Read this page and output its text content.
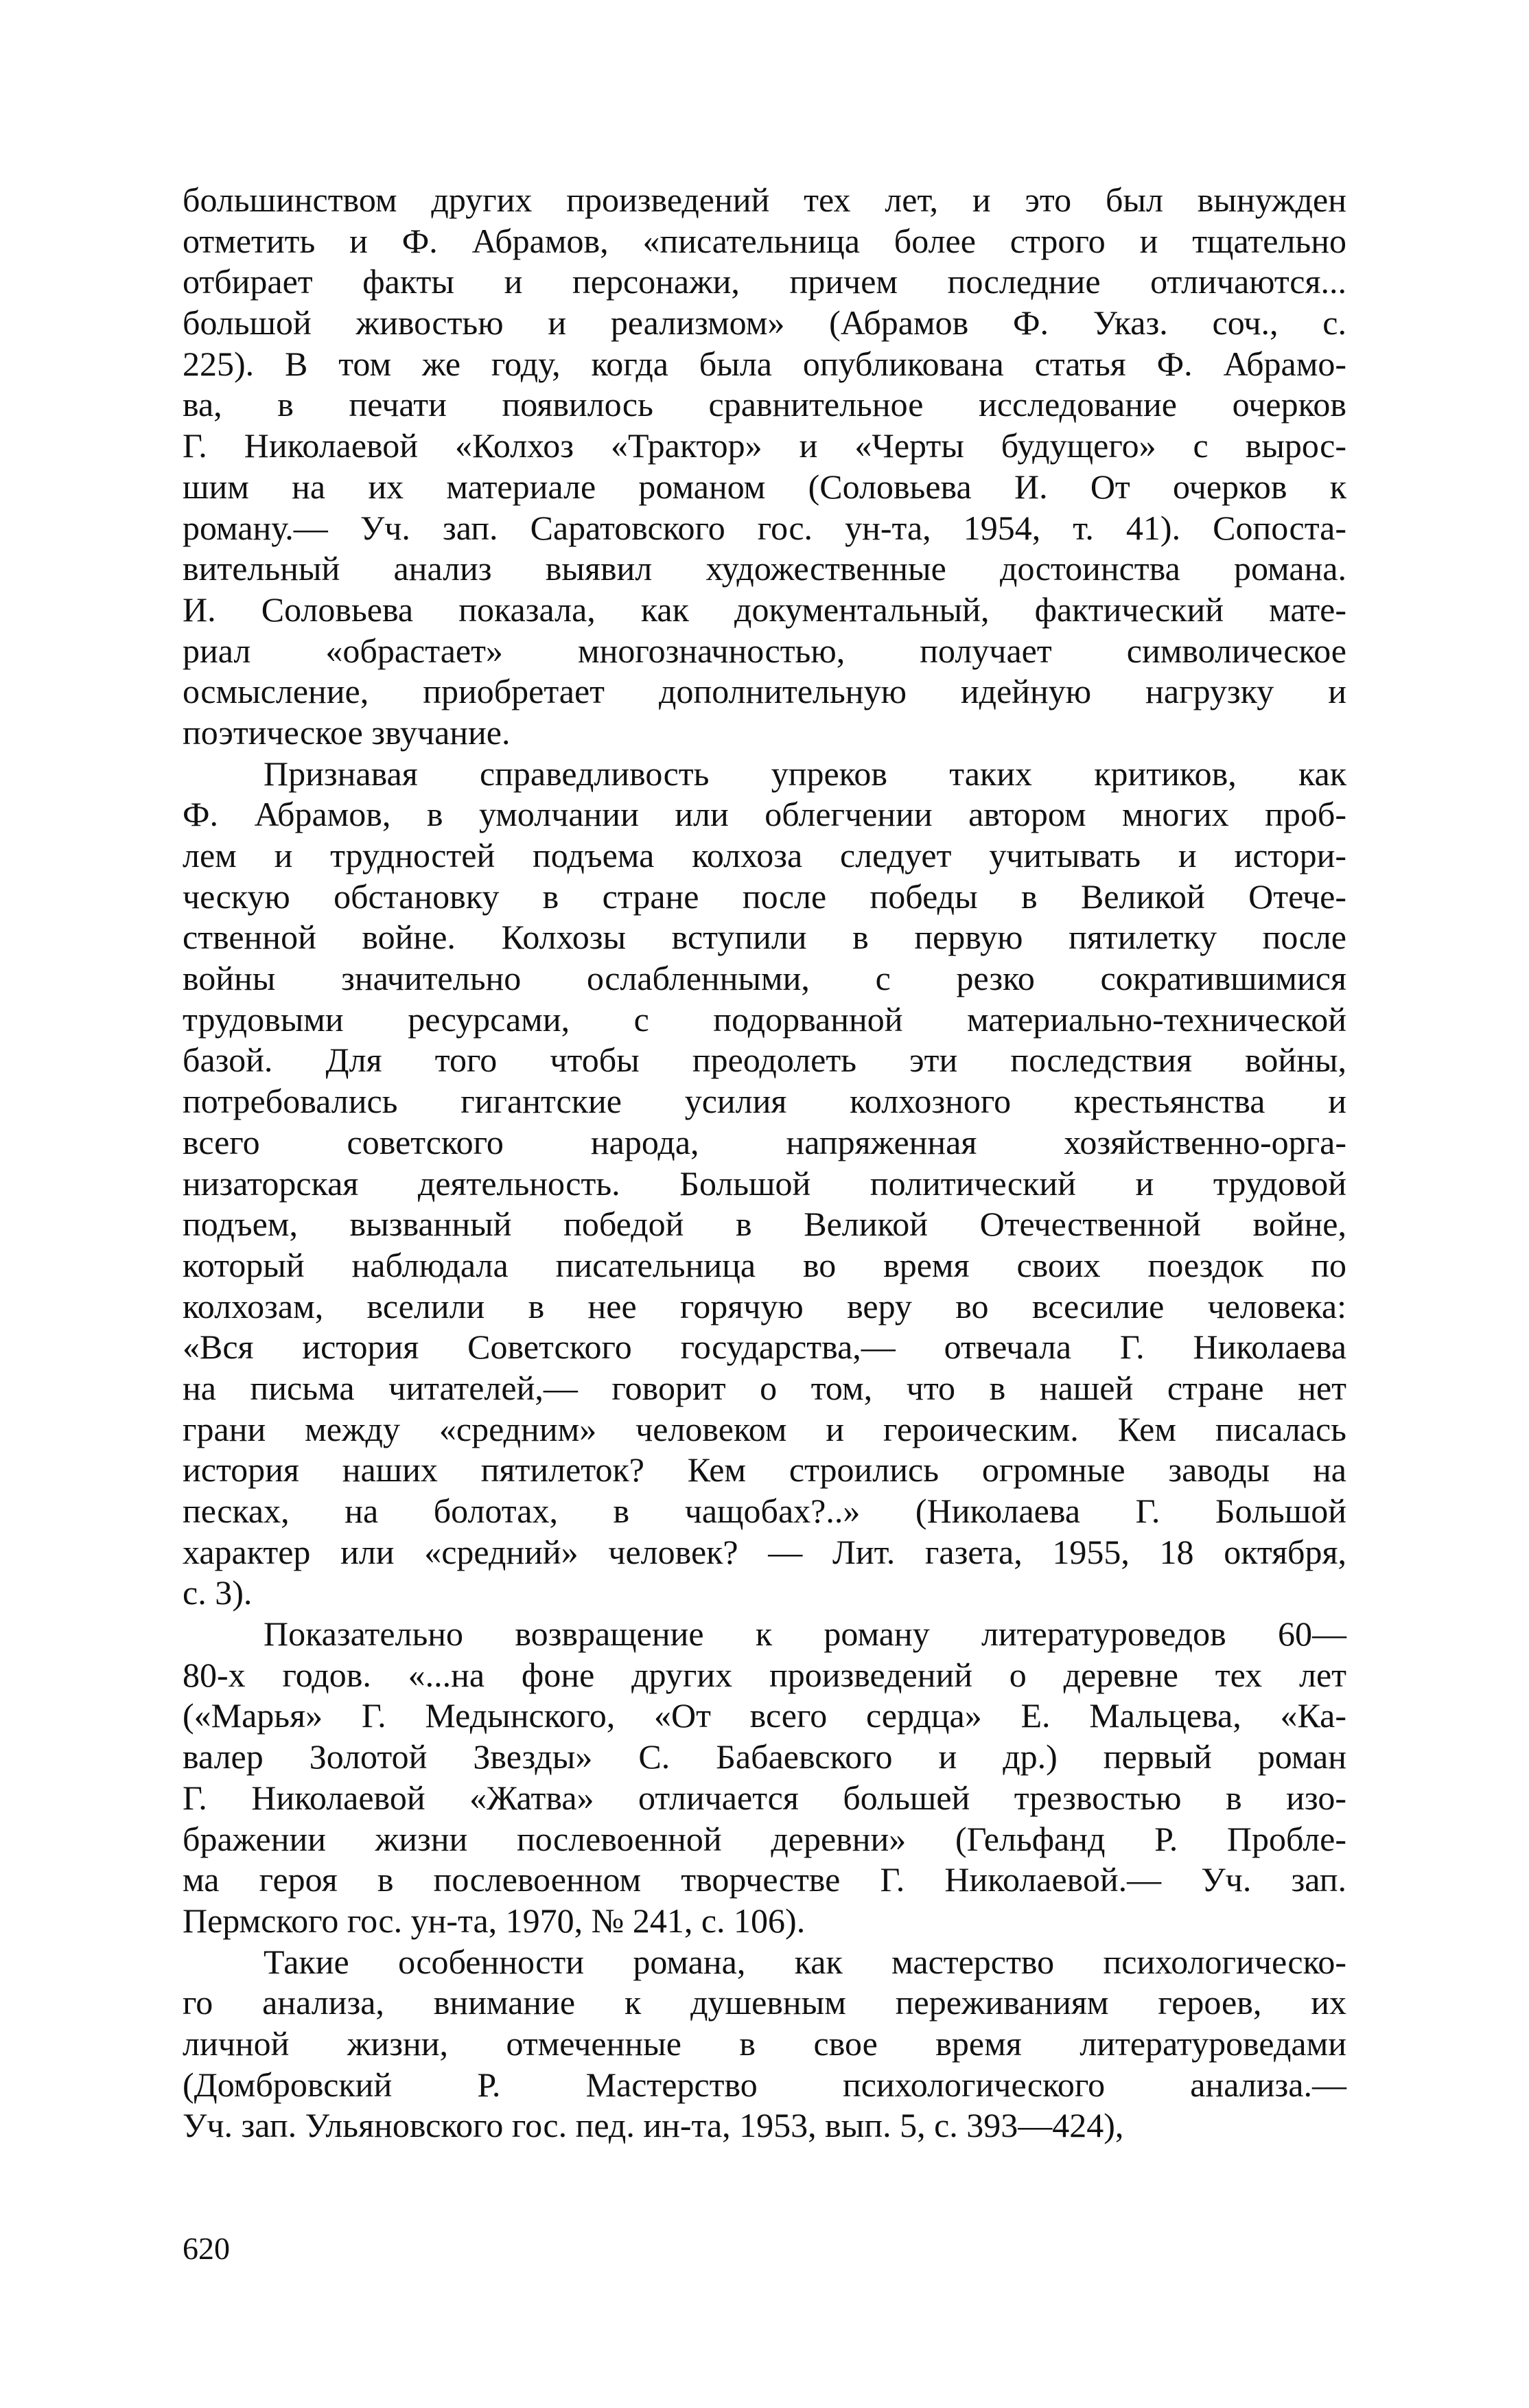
большинством других произведений тех лет, и это был вынужден
отметить и Ф. Абрамов, «писательница более строго и тщательно
отбирает факты и персонажи, причем последние отличаются...
большой живостью и реализмом» (Абрамов Ф. Указ. соч., с.
225). В том же году, когда была опубликована статья Ф. Абрамо-
ва, в печати появилось сравнительное исследование очерков
Г. Николаевой «Колхоз «Трактор» и «Черты будущего» с вырос-
шим на их материале романом (Соловьева И. От очерков к
роману.— Уч. зап. Саратовского гос. ун-та, 1954, т. 41). Сопоста-
вительный анализ выявил художественные достоинства романа.
И. Соловьева показала, как документальный, фактический мате-
риал «обрастает» многозначностью, получает символическое
осмысление, приобретает дополнительную идейную нагрузку и
поэтическое звучание.

Признавая справедливость упреков таких критиков, как
Ф. Абрамов, в умолчании или облегчении автором многих проб-
лем и трудностей подъема колхоза следует учитывать и истори-
ческую обстановку в стране после победы в Великой Отече-
ственной войне. Колхозы вступили в первую пятилетку после
войны значительно ослабленными, с резко сократившимися
трудовыми ресурсами, с подорванной материально-технической
базой. Для того чтобы преодолеть эти последствия войны,
потребовались гигантские усилия колхозного крестьянства и
всего советского народа, напряженная хозяйственно-орга-
низаторская деятельность. Большой политический и трудовой
подъем, вызванный победой в Великой Отечественной войне,
который наблюдала писательница во время своих поездок по
колхозам, вселили в нее горячую веру во всесилие человека:
«Вся история Советского государства,— отвечала Г. Николаева
на письма читателей,— говорит о том, что в нашей стране нет
грани между «средним» человеком и героическим. Кем писалась
история наших пятилеток? Кем строились огромные заводы на
песках, на болотах, в чащобах?..» (Николаева Г. Большой
характер или «средний» человек? — Лит. газета, 1955, 18 октября,
с. 3).

Показательно возвращение к роману литературоведов 60—
80-х годов. «...на фоне других произведений о деревне тех лет
(«Марья» Г. Медынского, «От всего сердца» Е. Мальцева, «Ка-
валер Золотой Звезды» С. Бабаевского и др.) первый роман
Г. Николаевой «Жатва» отличается большей трезвостью в изо-
бражении жизни послевоенной деревни» (Гельфанд Р. Пробле-
ма героя в послевоенном творчестве Г. Николаевой.— Уч. зап.
Пермского гос. ун-та, 1970, № 241, с. 106).

Такие особенности романа, как мастерство психологическо-
го анализа, внимание к душевным переживаниям героев, их
личной жизни, отмеченные в свое время литературоведами
(Домбровский Р. Мастерство психологического анализа.—
Уч. зап. Ульяновского гос. пед. ин-та, 1953, вып. 5, с. 393—424),

620
